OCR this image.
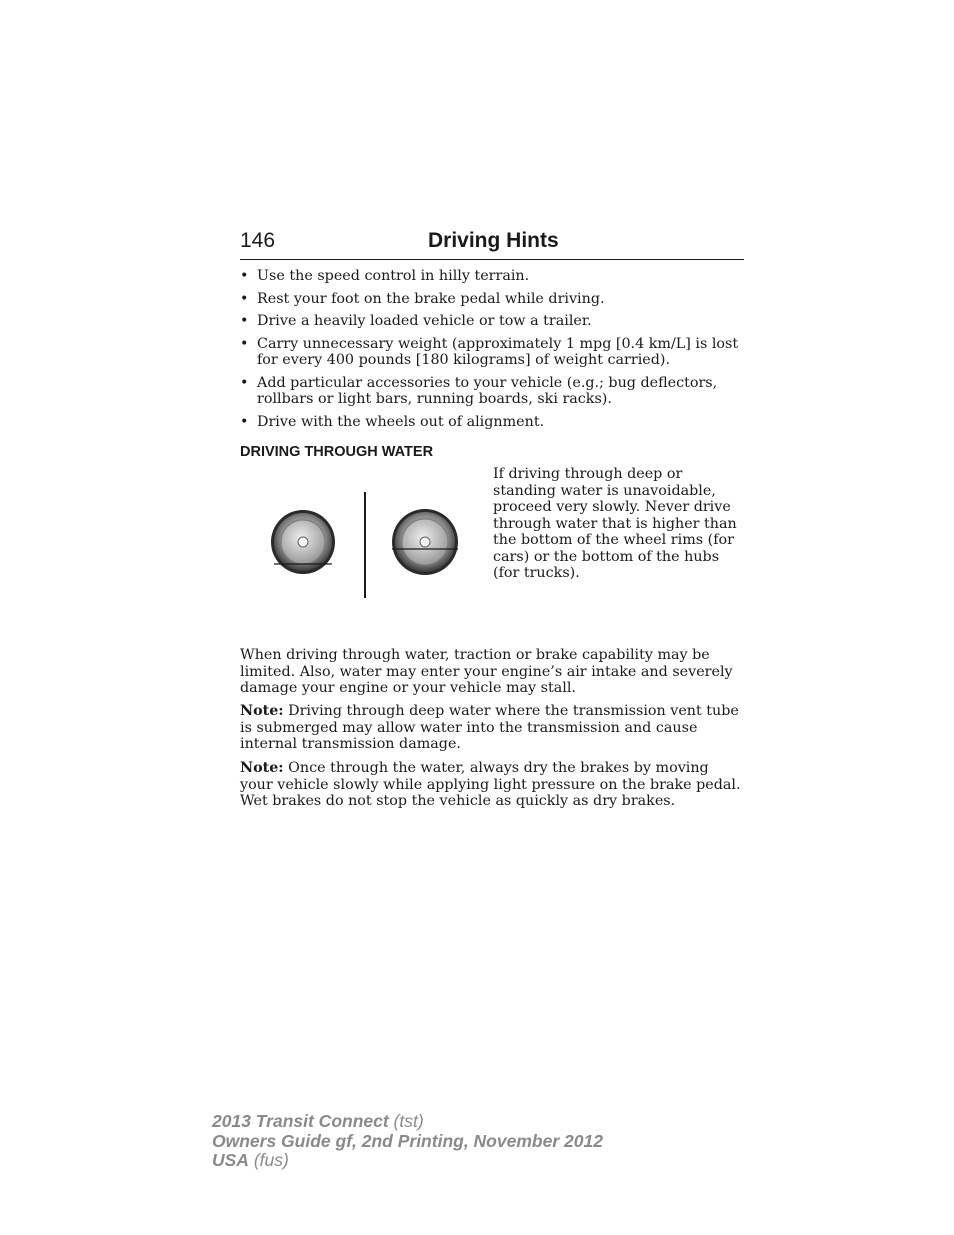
146	Driving Hints
• Use the speed control in hilly terrain.
• Rest your foot on the brake pedal while driving.
• Drive a heavily loaded vehicle or tow a trailer.
• Carry unnecessary weight (approximately 1 mpg [0.4 km/L] is lost for every 400 pounds [180 kilograms] of weight carried).
• Add particular accessories to your vehicle (e.g.; bug deflectors, rollbars or light bars, running boards, ski racks).
• Drive with the wheels out of alignment.
DRIVING THROUGH WATER

If driving through deep or standing water is unavoidable, proceed very slowly. Never drive through water that is higher than the bottom of the wheel rims (for cars) or the bottom of the hubs (for trucks).

When driving through water, traction or brake capability may be limited. Also, water may enter your engine’s air intake and severely damage your engine or your vehicle may stall.

Note: Driving through deep water where the transmission vent tube is submerged may allow water into the transmission and cause internal transmission damage.

Note: Once through the water, always dry the brakes by moving your vehicle slowly while applying light pressure on the brake pedal. Wet brakes do not stop the vehicle as quickly as dry brakes.

2013 Transit Connect (tst)
Owners Guide gf, 2nd Printing, November 2012
USA (fus)
